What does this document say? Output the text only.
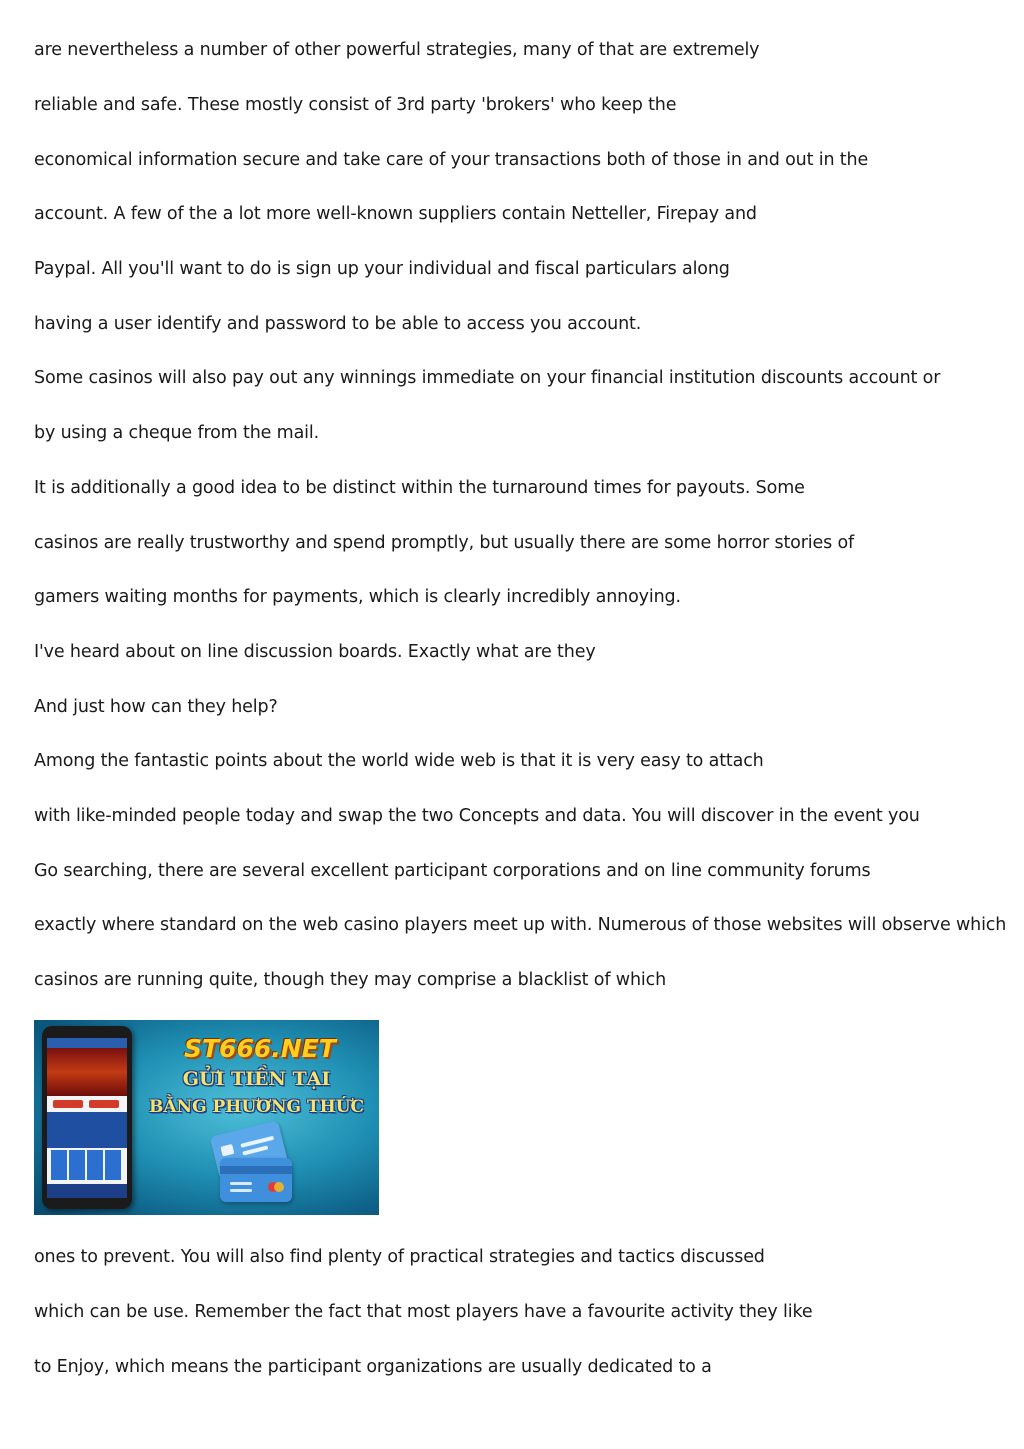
are nevertheless a number of other powerful strategies, many of that are extremely
reliable and safe. These mostly consist of 3rd party 'brokers' who keep the
economical information secure and take care of your transactions both of those in and out in the
account. A few of the a lot more well-known suppliers contain Netteller, Firepay and
Paypal. All you'll want to do is sign up your individual and fiscal particulars along
having a user identify and password to be able to access you account.
Some casinos will also pay out any winnings immediate on your financial institution discounts account or
by using a cheque from the mail.
It is additionally a good idea to be distinct within the turnaround times for payouts. Some
casinos are really trustworthy and spend promptly, but usually there are some horror stories of
gamers waiting months for payments, which is clearly incredibly annoying.
I've heard about on line discussion boards. Exactly what are they
And just how can they help?
Among the fantastic points about the world wide web is that it is very easy to attach
with like-minded people today and swap the two Concepts and data. You will discover in the event you
Go searching, there are several excellent participant corporations and on line community forums
exactly where standard on the web casino players meet up with. Numerous of those websites will observe which
casinos are running quite, though they may comprise a blacklist of which
ST666.NET
GỬI TIỀN TẠI
BẰNG PHƯƠNG THỨC
ones to prevent. You will also find plenty of practical strategies and tactics discussed
which can be use. Remember the fact that most players have a favourite activity they like
to Enjoy, which means the participant organizations are usually dedicated to a
